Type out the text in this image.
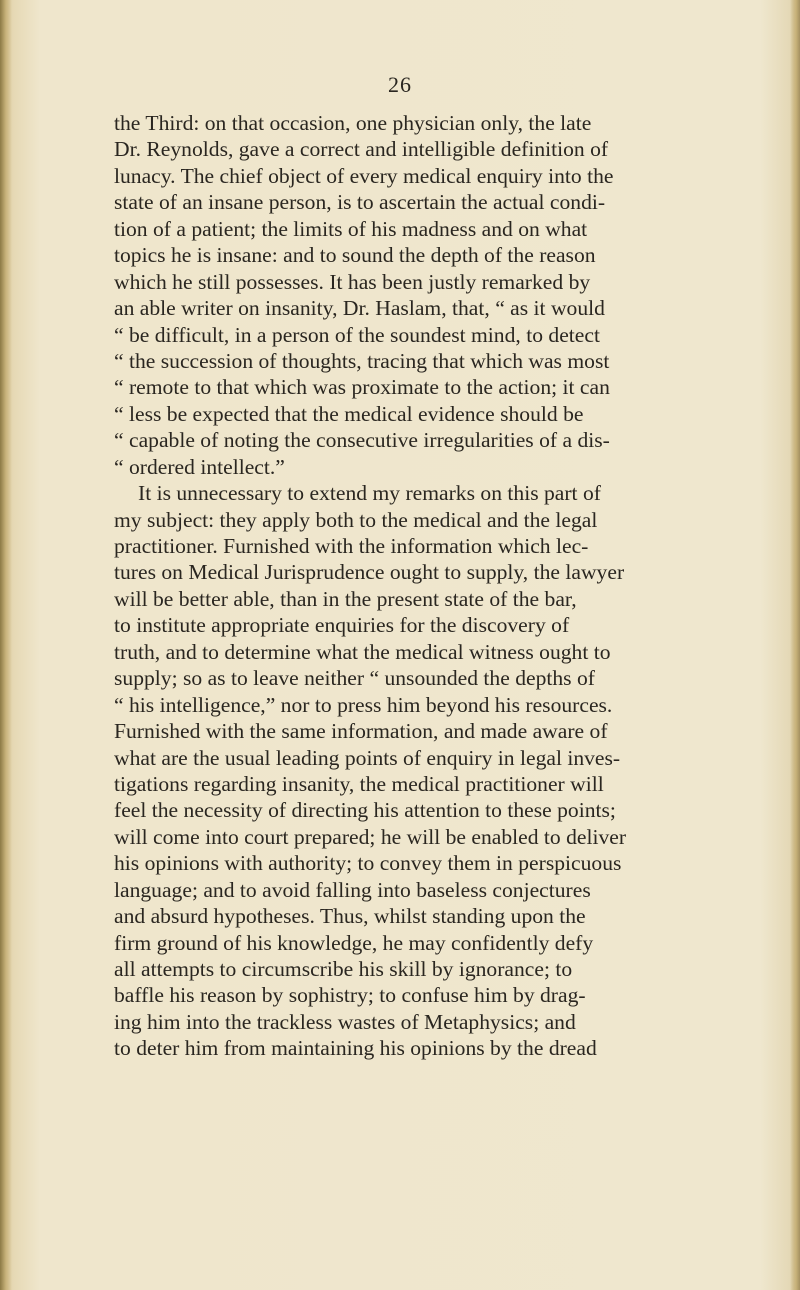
26
the Third: on that occasion, one physician only, the late
Dr. Reynolds, gave a correct and intelligible definition of
lunacy. The chief object of every medical enquiry into the
state of an insane person, is to ascertain the actual condi-
tion of a patient; the limits of his madness and on what
topics he is insane: and to sound the depth of the reason
which he still possesses. It has been justly remarked by
an able writer on insanity, Dr. Haslam, that, “ as it would
“ be difficult, in a person of the soundest mind, to detect
“ the succession of thoughts, tracing that which was most
“ remote to that which was proximate to the action; it can
“ less be expected that the medical evidence should be
“ capable of noting the consecutive irregularities of a dis-
“ ordered intellect.”
It is unnecessary to extend my remarks on this part of
my subject: they apply both to the medical and the legal
practitioner. Furnished with the information which lec-
tures on Medical Jurisprudence ought to supply, the lawyer
will be better able, than in the present state of the bar,
to institute appropriate enquiries for the discovery of
truth, and to determine what the medical witness ought to
supply; so as to leave neither “ unsounded the depths of
“ his intelligence,” nor to press him beyond his resources.
Furnished with the same information, and made aware of
what are the usual leading points of enquiry in legal inves-
tigations regarding insanity, the medical practitioner will
feel the necessity of directing his attention to these points;
will come into court prepared; he will be enabled to deliver
his opinions with authority; to convey them in perspicuous
language; and to avoid falling into baseless conjectures
and absurd hypotheses. Thus, whilst standing upon the
firm ground of his knowledge, he may confidently defy
all attempts to circumscribe his skill by ignorance; to
baffle his reason by sophistry; to confuse him by drag-
ing him into the trackless wastes of Metaphysics; and
to deter him from maintaining his opinions by the dread
